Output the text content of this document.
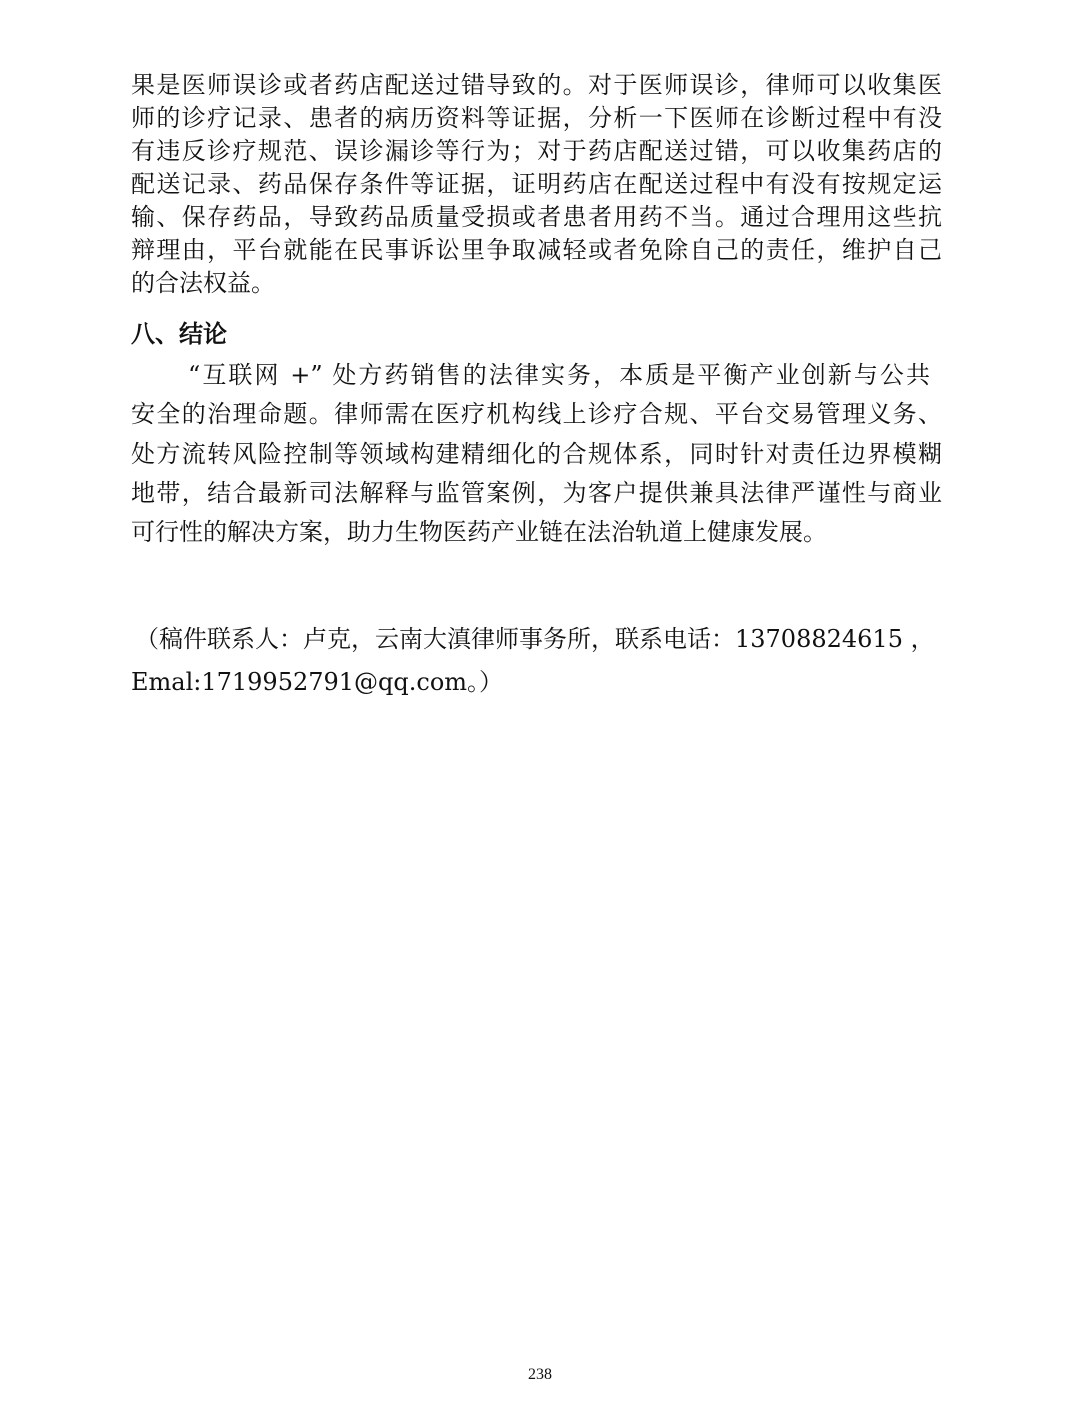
果是医师误诊或者药店配送过错导致的。对于医师误诊，律师可以收集医
师的诊疗记录、患者的病历资料等证据，分析一下医师在诊断过程中有没
有违反诊疗规范、误诊漏诊等行为；对于药店配送过错，可以收集药店的
配送记录、药品保存条件等证据，证明药店在配送过程中有没有按规定运
输、保存药品，导致药品质量受损或者患者用药不当。通过合理用这些抗
辩理由，平台就能在民事诉讼里争取减轻或者免除自己的责任，维护自己
的合法权益。
八、结论
“互联网 +” 处方药销售的法律实务，本质是平衡产业创新与公共
安全的治理命题。律师需在医疗机构线上诊疗合规、平台交易管理义务、
处方流转风险控制等领域构建精细化的合规体系，同时针对责任边界模糊
地带，结合最新司法解释与监管案例，为客户提供兼具法律严谨性与商业
可行性的解决方案，助力生物医药产业链在法治轨道上健康发展。
（稿件联系人：卢克，云南大滇律师事务所，联系电话：13708824615 ，
Emal:1719952791@qq.com。）
238
